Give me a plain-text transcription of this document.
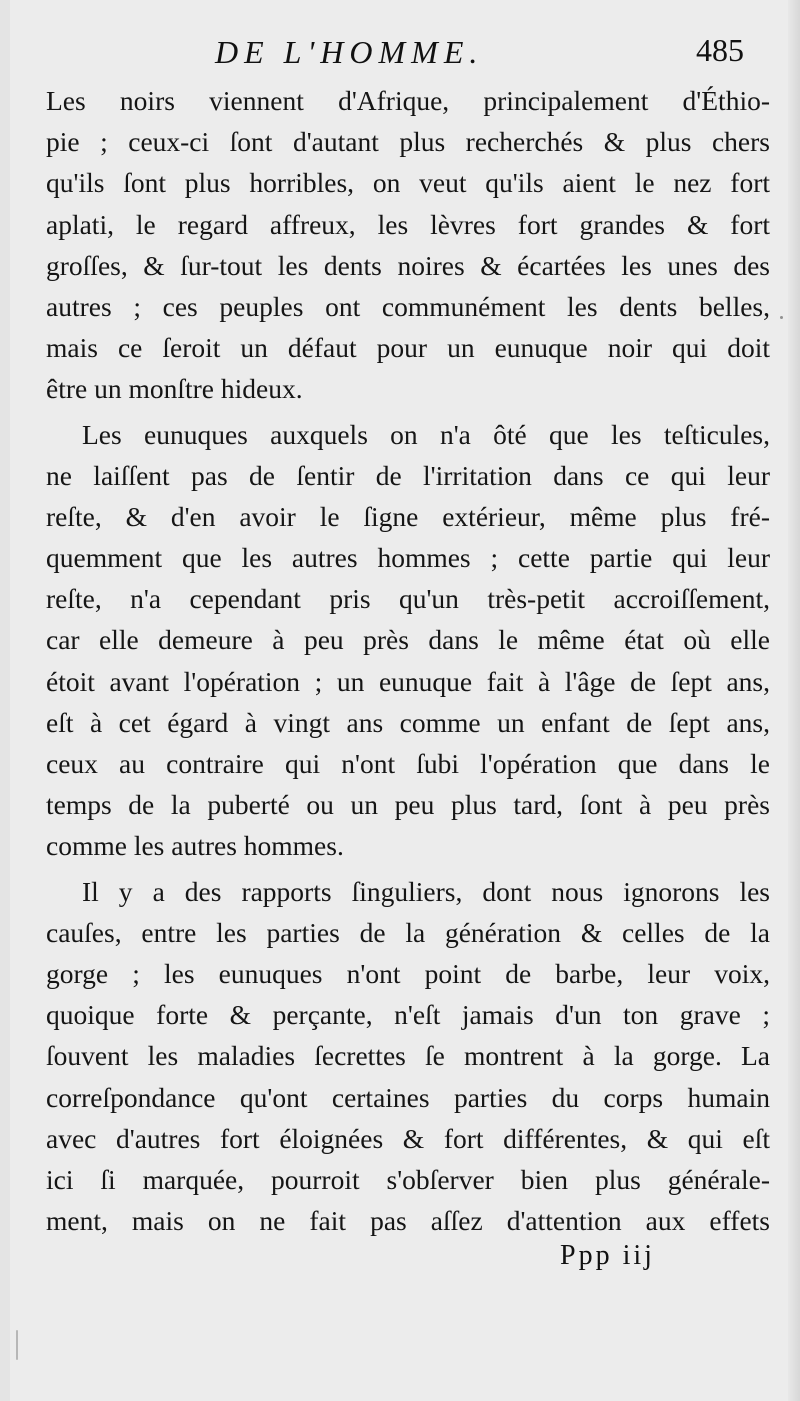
DE L'HOMME.	485
Les noirs viennent d'Afrique, principalement d'Éthio-
pie ; ceux-ci ſont d'autant plus recherchés & plus chers
qu'ils ſont plus horribles, on veut qu'ils aient le nez fort
aplati, le regard affreux, les lèvres fort grandes & fort
groſſes, & ſur-tout les dents noires & écartées les unes des
autres ; ces peuples ont communément les dents belles,
mais ce ſeroit un défaut pour un eunuque noir qui doit
être un monſtre hideux.
Les eunuques auxquels on n'a ôté que les teſticules,
ne laiſſent pas de ſentir de l'irritation dans ce qui leur
reſte, & d'en avoir le ſigne extérieur, même plus fré-
quemment que les autres hommes ; cette partie qui leur
reſte, n'a cependant pris qu'un très-petit accroiſſement,
car elle demeure à peu près dans le même état où elle
étoit avant l'opération ; un eunuque fait à l'âge de ſept ans,
eſt à cet égard à vingt ans comme un enfant de ſept ans,
ceux au contraire qui n'ont ſubi l'opération que dans le
temps de la puberté ou un peu plus tard, ſont à peu près
comme les autres hommes.
Il y a des rapports ſinguliers, dont nous ignorons les
cauſes, entre les parties de la génération & celles de la
gorge ; les eunuques n'ont point de barbe, leur voix,
quoique forte & perçante, n'eſt jamais d'un ton grave ;
ſouvent les maladies ſecrettes ſe montrent à la gorge. La
correſpondance qu'ont certaines parties du corps humain
avec d'autres fort éloignées & fort différentes, & qui eſt
ici ſi marquée, pourroit s'obſerver bien plus générale-
ment, mais on ne fait pas aſſez d'attention aux effets
Ppp iij
